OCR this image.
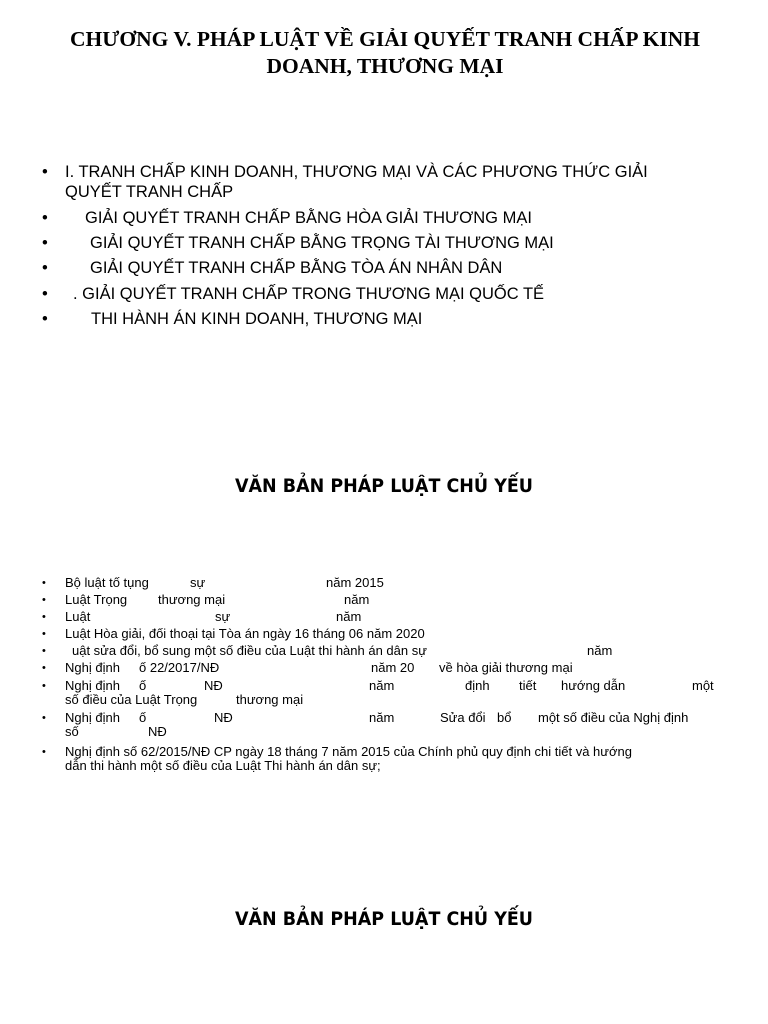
CHƯƠNG V. PHÁP LUẬT VỀ GIẢI QUYẾT TRANH CHẤP KINH
DOANH, THƯƠNG MẠI
• I. TRANH CHẤP KINH DOANH, THƯƠNG MẠI VÀ CÁC PHƯƠNG THỨC GIẢI
QUYẾT TRANH CHẤP
• GIẢI QUYẾT TRANH CHẤP BẰNG HÒA GIẢI THƯƠNG MẠI
•	GIẢI QUYẾT TRANH CHẤP BẰNG TRỌNG TÀI THƯƠNG MẠI
•	GIẢI QUYẾT TRANH CHẤP BẰNG TÒA ÁN NHÂN DÂN
• . GIẢI QUYẾT TRANH CHẤP TRONG THƯƠNG MẠI QUỐC TẾ
•	THI HÀNH ÁN KINH DOANH, THƯƠNG MẠI
VĂN BẢN PHÁP LUẬT CHỦ YẾU
• Bộ luật tố tụng	sự	năm 2015
• Luật Trọng thương mại	năm
• Luật	sự	năm
• Luật Hòa giải, đối thoại tại Tòa án ngày 16 tháng 06 năm 2020
• uật sửa đổi, bổ sung một số điều của Luật thi hành án dân sự	năm
• Nghị định ố 22/2017/NĐ	năm 20 về hòa giải thương mại
• Nghị định ố	NĐ	năm	định tiết hướng dẫn	một
số điều của Luật Trọng	thương mại
• Nghị định ố	NĐ	năm	Sửa đổi bổ một số điều của Nghị định
số	NĐ
• Nghị định số 62/2015/NĐ CP ngày 18 tháng 7 năm 2015 của Chính phủ quy định chi tiết và hướng
dẫn thi hành một số điều của Luật Thi hành án dân sự;
VĂN BẢN PHÁP LUẬT CHỦ YẾU
